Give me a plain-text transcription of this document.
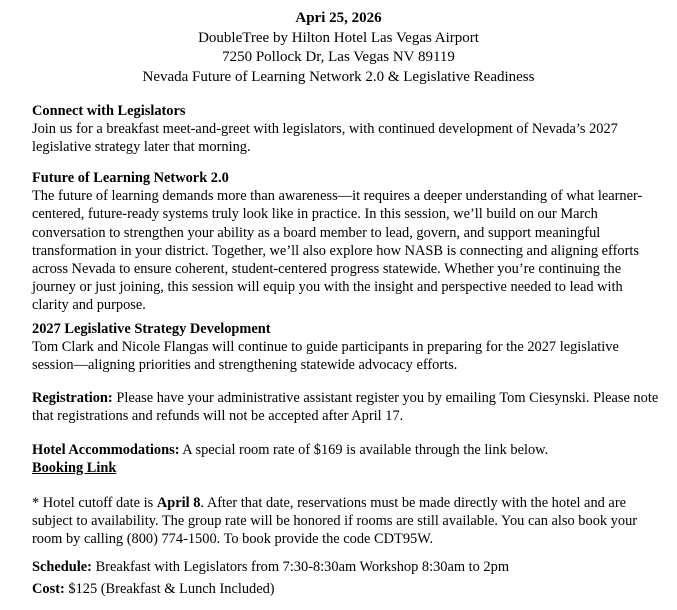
Apri 25, 2026
DoubleTree by Hilton Hotel Las Vegas Airport
7250 Pollock Dr, Las Vegas NV 89119
Nevada Future of Learning Network 2.0 & Legislative Readiness
Connect with Legislators
Join us for a breakfast meet-and-greet with legislators, with continued development of Nevada’s 2027 legislative strategy later that morning.
Future of Learning Network 2.0
The future of learning demands more than awareness—it requires a deeper understanding of what learner-centered, future-ready systems truly look like in practice. In this session, we’ll build on our March conversation to strengthen your ability as a board member to lead, govern, and support meaningful transformation in your district. Together, we’ll also explore how NASB is connecting and aligning efforts across Nevada to ensure coherent, student-centered progress statewide. Whether you’re continuing the journey or just joining, this session will equip you with the insight and perspective needed to lead with clarity and purpose.
2027 Legislative Strategy Development
Tom Clark and Nicole Flangas will continue to guide participants in preparing for the 2027 legislative session—aligning priorities and strengthening statewide advocacy efforts.
Registration: Please have your administrative assistant register you by emailing Tom Ciesynski. Please note that registrations and refunds will not be accepted after April 17.
Hotel Accommodations: A special room rate of $169 is available through the link below.
Booking Link
* Hotel cutoff date is April 8. After that date, reservations must be made directly with the hotel and are subject to availability. The group rate will be honored if rooms are still available. You can also book your room by calling (800) 774-1500. To book provide the code CDT95W.
Schedule: Breakfast with Legislators from 7:30-8:30am Workshop 8:30am to 2pm
Cost: $125 (Breakfast & Lunch Included)
